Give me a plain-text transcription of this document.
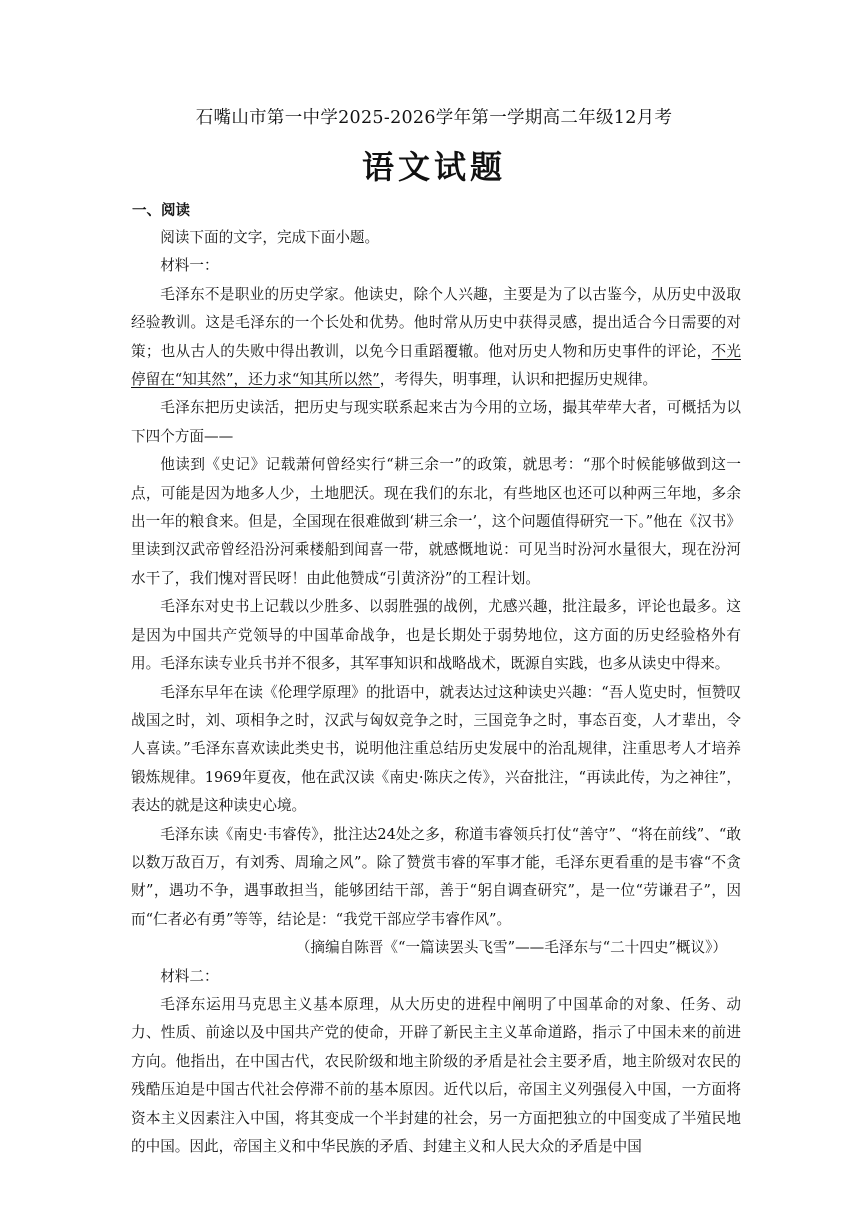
石嘴山市第一中学2025-2026学年第一学期高二年级12月考
语文试题
一、阅读

阅读下面的文字，完成下面小题。

材料一：

毛泽东不是职业的历史学家。他读史，除个人兴趣，主要是为了以古鉴今，从历史中汲取经验教训。这是毛泽东的一个长处和优势。他时常从历史中获得灵感，提出适合今日需要的对策；也从古人的失败中得出教训，以免今日重蹈覆辙。他对历史人物和历史事件的评论，不光停留在“知其然”，还力求“知其所以然”，考得失，明事理，认识和把握历史规律。

毛泽东把历史读活，把历史与现实联系起来古为今用的立场，撮其荦荦大者，可概括为以下四个方面——

他读到《史记》记载萧何曾经实行“耕三余一”的政策，就思考：“那个时候能够做到这一点，可能是因为地多人少，土地肥沃。现在我们的东北，有些地区也还可以种两三年地，多余出一年的粮食来。但是，全国现在很难做到‘耕三余一’，这个问题值得研究一下。”他在《汉书》里读到汉武帝曾经沿汾河乘楼船到闻喜一带，就感慨地说：可见当时汾河水量很大，现在汾河水干了，我们愧对晋民呀！由此他赞成“引黄济汾”的工程计划。

毛泽东对史书上记载以少胜多、以弱胜强的战例，尤感兴趣，批注最多，评论也最多。这是因为中国共产党领导的中国革命战争，也是长期处于弱势地位，这方面的历史经验格外有用。毛泽东读专业兵书并不很多，其军事知识和战略战术，既源自实践，也多从读史中得来。

毛泽东早年在读《伦理学原理》的批语中，就表达过这种读史兴趣：“吾人览史时，恒赞叹战国之时，刘、项相争之时，汉武与匈奴竞争之时，三国竞争之时，事态百变，人才辈出，令人喜读。”毛泽东喜欢读此类史书，说明他注重总结历史发展中的治乱规律，注重思考人才培养锻炼规律。1969年夏夜，他在武汉读《南史·陈庆之传》，兴奋批注，“再读此传，为之神往”，表达的就是这种读史心境。

毛泽东读《南史·韦睿传》，批注达24处之多，称道韦睿领兵打仗“善守”、“将在前线”、“敢以数万敌百万，有刘秀、周瑜之风”。除了赞赏韦睿的军事才能，毛泽东更看重的是韦睿“不贪财”，遇功不争，遇事敢担当，能够团结干部，善于“躬自调查研究”，是一位“劳谦君子”，因而“仁者必有勇”等等，结论是：“我党干部应学韦睿作风”。

（摘编自陈晋《“一篇读罢头飞雪”——毛泽东与“二十四史”概议》）

材料二：

毛泽东运用马克思主义基本原理，从大历史的进程中阐明了中国革命的对象、任务、动力、性质、前途以及中国共产党的使命，开辟了新民主主义革命道路，指示了中国未来的前进方向。他指出，在中国古代，农民阶级和地主阶级的矛盾是社会主要矛盾，地主阶级对农民的残酷压迫是中国古代社会停滞不前的基本原因。近代以后，帝国主义列强侵入中国，一方面将资本主义因素注入中国，将其变成一个半封建的社会，另一方面把独立的中国变成了半殖民地的中国。因此，帝国主义和中华民族的矛盾、封建主义和人民大众的矛盾是中国
